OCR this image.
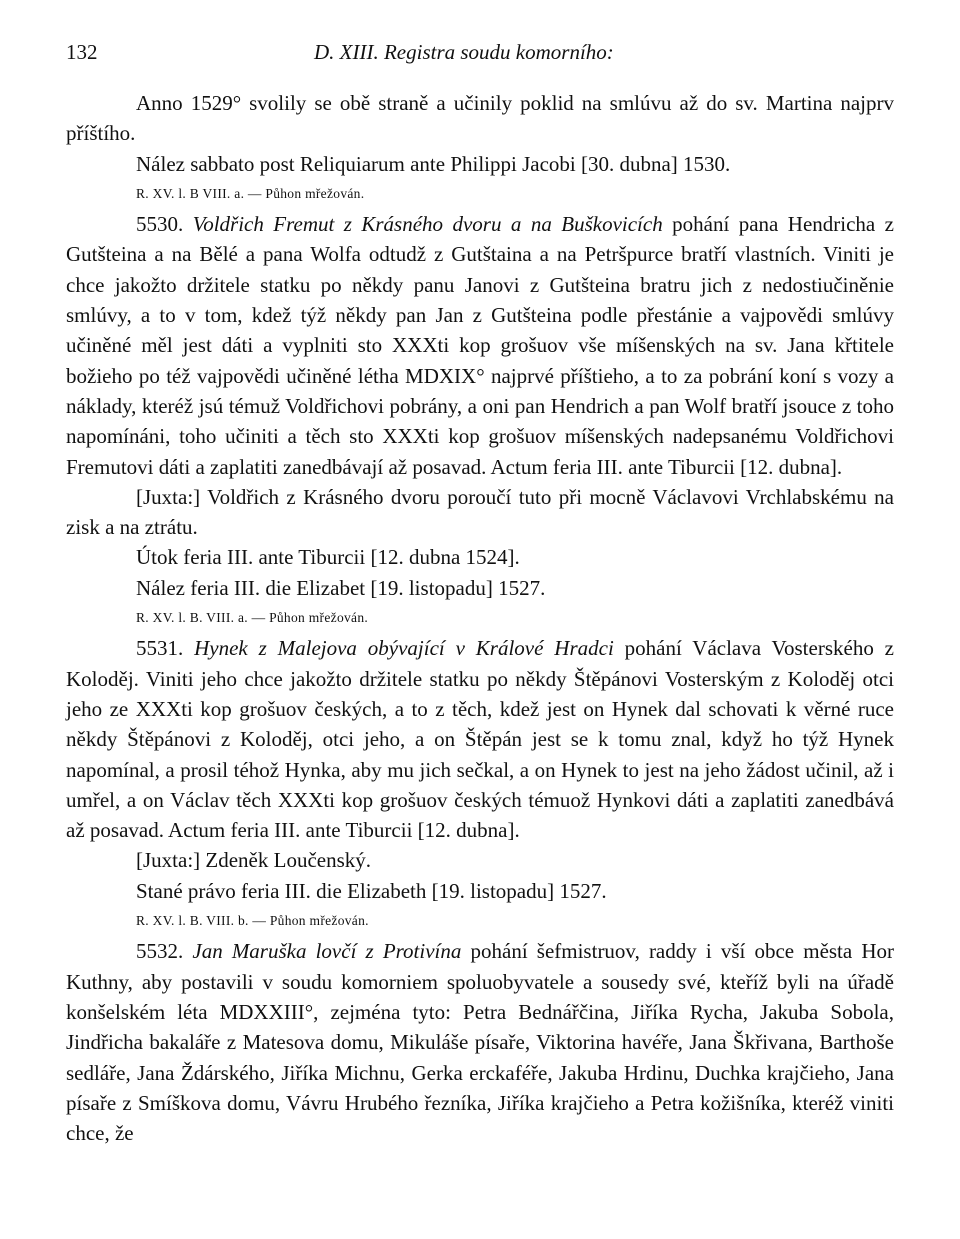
132	D. XIII. Registra soudu komorního:

Anno 1529° svolily se obě straně a učinily poklid na smlúvu až do sv. Martina najprv příštího.

Nález sabbato post Reliquiarum ante Philippi Jacobi [30. dubna] 1530.

R. XV. l. B VIII. a. — Půhon mřežován.

5530. Voldřich Fremut z Krásného dvoru a na Buškovicích pohání pana Hendricha z Gutšteina a na Bělé a pana Wolfa odtudž z Gutštaina a na Petršpurce bratří vlastních. Viniti je chce jakožto držitele statku po někdy panu Janovi z Gutšteina bratru jich z nedostiučiněnie smlúvy, a to v tom, kdež týž někdy pan Jan z Gutšteina podle přestánie a vajpovědi smlúvy učiněné měl jest dáti a vyplniti sto XXXti kop grošuov vše míšenských na sv. Jana křtitele božieho po též vajpovědi učiněné létha MDXIX° najprvé příštieho, a to za pobrání koní s vozy a náklady, kteréž jsú témuž Voldřichovi pobrány, a oni pan Hendrich a pan Wolf bratří jsouce z toho napomínáni, toho učiniti a těch sto XXXti kop grošuov míšenských nadepsanému Voldřichovi Fremutovi dáti a zaplatiti zanedbávají až posavad. Actum feria III. ante Tiburcii [12. dubna].

[Juxta:] Voldřich z Krásného dvoru poroučí tuto při mocně Václavovi Vrchlabskému na zisk a na ztrátu.

Útok feria III. ante Tiburcii [12. dubna 1524].

Nález feria III. die Elizabet [19. listopadu] 1527.

R. XV. l. B. VIII. a. — Půhon mřežován.

5531. Hynek z Malejova obývající v Králové Hradci pohání Václava Vosterského z Koloděj. Viniti jeho chce jakožto držitele statku po někdy Štěpánovi Vosterským z Koloděj otci jeho ze XXXti kop grošuov českých, a to z těch, kdež jest on Hynek dal schovati k věrné ruce někdy Štěpánovi z Koloděj, otci jeho, a on Štěpán jest se k tomu znal, když ho týž Hynek napomínal, a prosil téhož Hynka, aby mu jich sečkal, a on Hynek to jest na jeho žádost učinil, až i umřel, a on Václav těch XXXti kop grošuov českých témuož Hynkovi dáti a zaplatiti zanedbává až posavad. Actum feria III. ante Tiburcii [12. dubna].

[Juxta:] Zdeněk Loučenský.

Stané právo feria III. die Elizabeth [19. listopadu] 1527.

R. XV. l. B. VIII. b. — Půhon mřežován.

5532. Jan Maruška lovčí z Protivína pohání šefmistruov, raddy i vší obce města Hor Kuthny, aby postavili v soudu komorniem spoluobyvatele a sousedy své, kteříž byli na úřadě konšelském léta MDXXIII°, zejména tyto: Petra Bednářčina, Jiříka Rycha, Jakuba Sobola, Jindřicha bakaláře z Matesova domu, Mikuláše písaře, Viktorina havéře, Jana Škřivana, Barthoše sedláře, Jana Ždárského, Jiříka Michnu, Gerka erckaféře, Jakuba Hrdinu, Duchka krajčieho, Jana písaře z Smíškova domu, Vávru Hrubého řezníka, Jiříka krajčieho a Petra kožišníka, kteréž viniti chce, že
